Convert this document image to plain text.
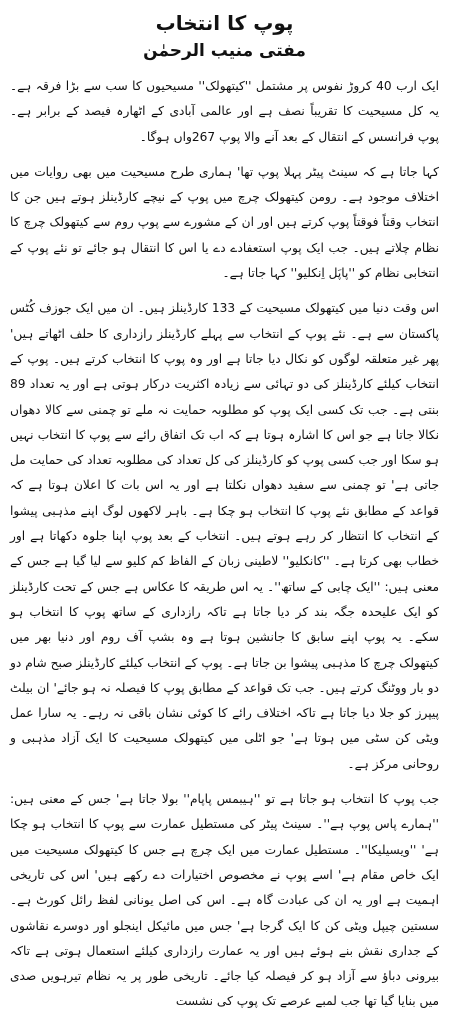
پوپ کا انتخاب
مفتی منیب الرحمٰن

ایک ارب 40 کروڑ نفوس پر مشتمل ''کیتھولک'' مسیحیوں کا سب سے بڑا فرقہ ہے۔ یہ کل مسیحیت کا تقریباً نصف ہے اور عالمی آبادی کے اٹھارہ فیصد کے برابر ہے۔ پوپ فرانسس کے انتقال کے بعد آنے والا پوپ 267واں ہوگا۔

کہا جاتا ہے کہ سینٹ پیٹر پہلا پوپ تھا' ہماری طرح مسیحیت میں بھی روایات میں اختلاف موجود ہے۔ رومن کیتھولک چرچ میں پوپ کے نیچے کارڈینلز ہوتے ہیں جن کا انتخاب وقتاً فوقتاً پوپ کرتے ہیں اور ان کے مشورے سے پوپ روم سے کیتھولک چرچ کا نظام چلاتے ہیں۔ جب ایک پوپ استعفادے دے یا اس کا انتقال ہو جائے تو نئے پوپ کے انتخابی نظام کو ''پاپَل اِنکلیو'' کہا جاتا ہے۔

اس وقت دنیا میں کیتھولک مسیحیت کے 133 کارڈینلز ہیں۔ ان میں ایک جوزف کُٹس پاکستان سے ہے۔ نئے پوپ کے انتخاب سے پہلے کارڈینلز رازداری کا حلف اٹھاتے ہیں' پھر غیر متعلقہ لوگوں کو نکال دیا جاتا ہے اور وہ پوپ کا انتخاب کرتے ہیں۔ پوپ کے انتخاب کیلئے کارڈینلز کی دو تہائی سے زیادہ اکثریت درکار ہوتی ہے اور یہ تعداد 89 بنتی ہے۔ جب تک کسی ایک پوپ کو مطلوبہ حمایت نہ ملے تو چمنی سے کالا دھواں نکالا جاتا ہے جو اس کا اشارہ ہوتا ہے کہ اب تک اتفاق رائے سے پوپ کا انتخاب نہیں ہو سکا اور جب کسی پوپ کو کارڈینلز کی کل تعداد کی مطلوبہ تعداد کی حمایت مل جاتی ہے' تو چمنی سے سفید دھواں نکلتا ہے اور یہ اس بات کا اعلان ہوتا ہے کہ قواعد کے مطابق نئے پوپ کا انتخاب ہو چکا ہے۔ باہر لاکھوں لوگ اپنے مذہبی پیشوا کے انتخاب کا انتظار کر رہے ہوتے ہیں۔ انتخاب کے بعد پوپ اپنا جلوہ دکھاتا ہے اور خطاب بھی کرتا ہے۔ ''کانکلیو'' لاطینی زبان کے الفاظ کم کلیو سے لیا گیا ہے جس کے معنی ہیں: ''ایک چابی کے ساتھ''۔ یہ اس طریقہ کا عکاس ہے جس کے تحت کارڈینلز کو ایک علیحدہ جگہ بند کر دیا جاتا ہے تاکہ رازداری کے ساتھ پوپ کا انتخاب ہو سکے۔ یہ پوپ اپنے سابق کا جانشین ہوتا ہے وہ بشپ آف روم اور دنیا بھر میں کیتھولک چرچ کا مذہبی پیشوا بن جاتا ہے۔ پوپ کے انتخاب کیلئے کارڈینلز صبح شام دو دو بار ووٹنگ کرتے ہیں۔ جب تک قواعد کے مطابق پوپ کا فیصلہ نہ ہو جائے' ان بیلٹ پیپرز کو جلا دیا جاتا ہے تاکہ اختلاف رائے کا کوئی نشان باقی نہ رہے۔ یہ سارا عمل ویٹی کن سٹی میں ہوتا ہے' جو اٹلی میں کیتھولک مسیحیت کا ایک آزاد مذہبی و روحانی مرکز ہے۔

جب پوپ کا انتخاب ہو جاتا ہے تو ''ہیبمس پاپام'' بولا جاتا ہے' جس کے معنی ہیں: ''ہمارے پاس پوپ ہے''۔ سینٹ پیٹر کی مستطیل عمارت سے پوپ کا انتخاب ہو چکا ہے' ''ویسیلیکا''۔ مستطیل عمارت میں ایک چرچ ہے جس کا کیتھولک مسیحیت میں ایک خاص مقام ہے' اسے پوپ نے مخصوص اختیارات دے رکھے ہیں' اس کی تاریخی اہمیت ہے اور یہ ان کی عبادت گاہ ہے۔ اس کی اصل یونانی لفظ رائل کورٹ ہے۔ سستین چیپل ویٹی کن کا ایک گرجا ہے' جس میں مائیکل اینجلو اور دوسرے نقاشوں کے جداری نقش بنے ہوئے ہیں اور یہ عمارت رازداری کیلئے استعمال ہوتی ہے تاکہ بیرونی دباؤ سے آزاد ہو کر فیصلہ کیا جائے۔ تاریخی طور پر یہ نظام تیرہویں صدی میں بنایا گیا تھا جب لمبے عرصے تک پوپ کی نشست
